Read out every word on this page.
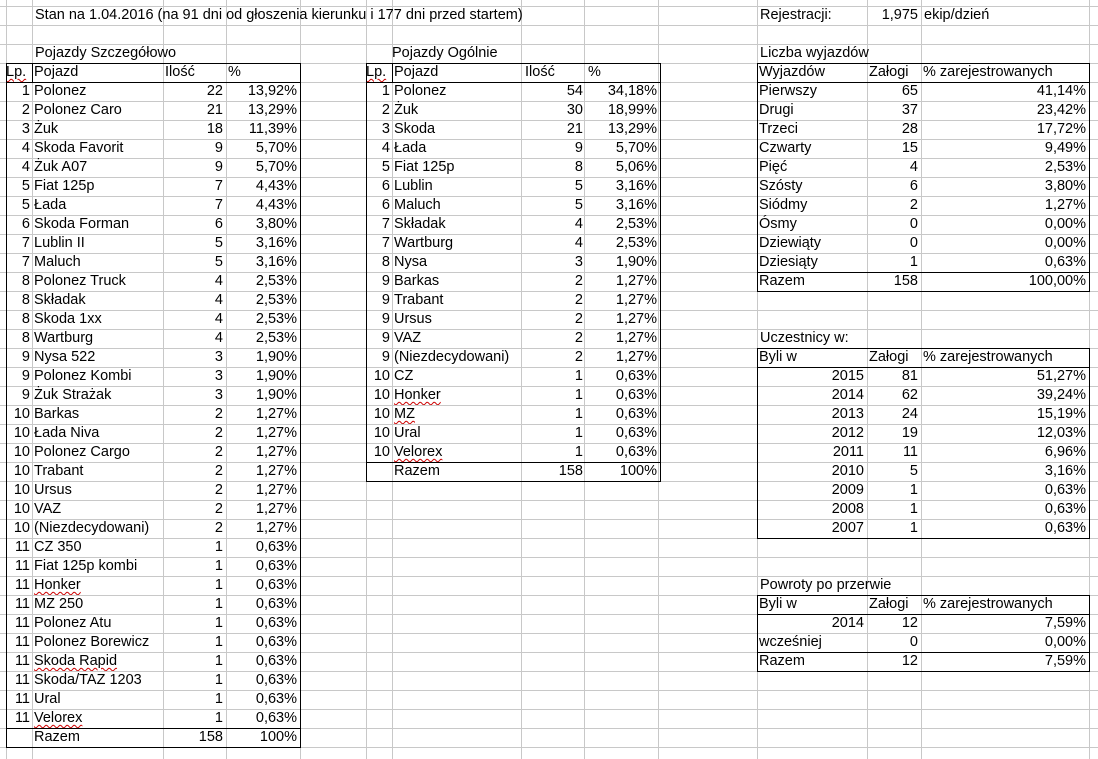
Stan na 1.04.2016 (na 91 dni od głoszenia kierunku i 177 dni przed startem)	Rejestracji:	1,975 ekip/dzień
Pojazdy Szczegółowo	Pojazdy Ogólnie	Liczba wyjazdów
Uczestnicy w:
Powroty po przerwie
Lp. Pojazd	Ilość	%
1 Polonez	22	13,92%
2 Polonez Caro	21	13,29%
3 Żuk	18	11,39%
4 Skoda Favorit	9	5,70%
4 Żuk A07	9	5,70%
5 Fiat 125p	7	4,43%
5 Łada	7	4,43%
6 Skoda Forman	6	3,80%
7 Lublin II	5	3,16%
7 Maluch	5	3,16%
8 Polonez Truck	4	2,53%
8 Składak	4	2,53%
8 Skoda 1xx	4	2,53%
8 Wartburg	4	2,53%
9 Nysa 522	3	1,90%
9 Polonez Kombi	3	1,90%
9 Żuk Strażak	3	1,90%
10 Barkas	2	1,27%
10 Łada Niva	2	1,27%
10 Polonez Cargo	2	1,27%
10 Trabant	2	1,27%
10 Ursus	2	1,27%
10 VAZ	2	1,27%
10 (Niezdecydowani)	2	1,27%
11 CZ 350	1	0,63%
11 Fiat 125p kombi	1	0,63%
11 Honker	1	0,63%
11 MZ 250	1	0,63%
11 Polonez Atu	1	0,63%
11 Polonez Borewicz	1	0,63%
11 Skoda Rapid	1	0,63%
11 Skoda/TAZ 1203	1	0,63%
11 Ural	1	0,63%
11 Velorex	1	0,63%
Razem	158	100%
Lp. Pojazd	Ilość	%
1 Polonez	54	34,18%
2 Żuk	30	18,99%
3 Skoda	21	13,29%
4 Łada	9	5,70%
5 Fiat 125p	8	5,06%
6 Lublin	5	3,16%
6 Maluch	5	3,16%
7 Składak	4	2,53%
7 Wartburg	4	2,53%
8 Nysa	3	1,90%
9 Barkas	2	1,27%
9 Trabant	2	1,27%
9 Ursus	2	1,27%
9 VAZ	2	1,27%
9 (Niezdecydowani)	2	1,27%
10 CZ	1	0,63%
10 Honker	1	0,63%
10 MZ	1	0,63%
10 Ural	1	0,63%
10 Velorex	1	0,63%
Razem	158	100%
Wyjazdów	Załogi	% zarejestrowanych
Pierwszy	65	41,14%
Drugi	37	23,42%
Trzeci	28	17,72%
Czwarty	15	9,49%
Pięć	4	2,53%
Szósty	6	3,80%
Siódmy	2	1,27%
Ósmy	0	0,00%
Dziewiąty	0	0,00%
Dziesiąty	1	0,63%
Razem	158	100,00%
Byli w	Załogi	% zarejestrowanych
2015	81	51,27%
2014	62	39,24%
2013	24	15,19%
2012	19	12,03%
2011	11	6,96%
2010	5	3,16%
2009	1	0,63%
2008	1	0,63%
2007	1	0,63%
Byli w	Załogi	% zarejestrowanych
2014	12	7,59%
wcześniej	0	0,00%
Razem	12	7,59%
